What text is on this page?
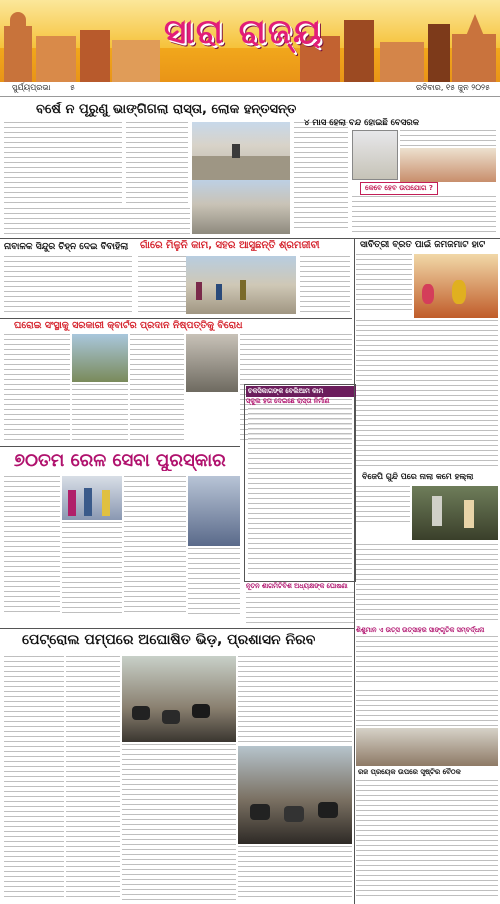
ସାରା ରାଜ୍ୟ
ସୁର୍ଯ୍ୟପ୍ରଭା ୫	ରବିବାର, ୧୫ ଜୁନ ୨୦୨୫
ବର୍ଷେ ନ ପୂରୁଣୁ ଭାଙ୍ଗିଗଲା ରାସ୍ତା, ଲୋକ ହନ୍ତସନ୍ତ
୪ ମାସ ହେଲା ବନ୍ଦ ହୋଇଛି ବେସରକ
କେବେ ହେବ ଉପଯୋଗ ?
ନାବାଳକ ସିନ୍ଦୁର ଚିହ୍ନ ଦେଇ ବିବାହିଲା	ଗାଁରେ ମିଳୁନି କାମ, ସହର ଆସୁଛନ୍ତି ଶ୍ରମଜୀବୀ	ସାବିତ୍ରୀ ବ୍ରତ ପାଇଁ ଜମଜମାଟ ହାଟ
ଘରୋଇ ସଂସ୍ଥାକୁ ସରକାରୀ କ୍ବାର୍ଟର ପ୍ରଦାନ ନିଷ୍ପତ୍ତିକୁ ବିରୋଧ
ଚକସିକାଗଙ୍କ ବେଲିଆମ କାମ
ସ୍କୁଲ ହତା ଦେଇଛେ ରାସ୍ତା ନିର୍ମାଣ
ବିଜେପି ଗୁନ୍ଦି ପରେ ନାଲା କମେ ହଲ୍ଲା
୭୦ତମ ରେଳ ସେବା ପୁରସ୍କାର
ନୂତନ ଶାଗମିଟିବିଶ ଅଧ୍ୟକ୍ଷଙ୍କ ଘୋଷଣା
ଶିଶୁମାନ ଏ ଉତ୍ସ ଉତ୍ସାହର ସାଙ୍ଗୃତିକ ସମ୍ବର୍ଦ୍ଧନା
ପେଟ୍ରୋଲ ପମ୍ପରେ ଅଘୋଷିତ ଭିଡ଼, ପ୍ରଶାସନ ନିରବ
ରଜ ପ୍ରୟେକ ଉପରେ ସୃଷ୍ଟିର ବୈଠକ
